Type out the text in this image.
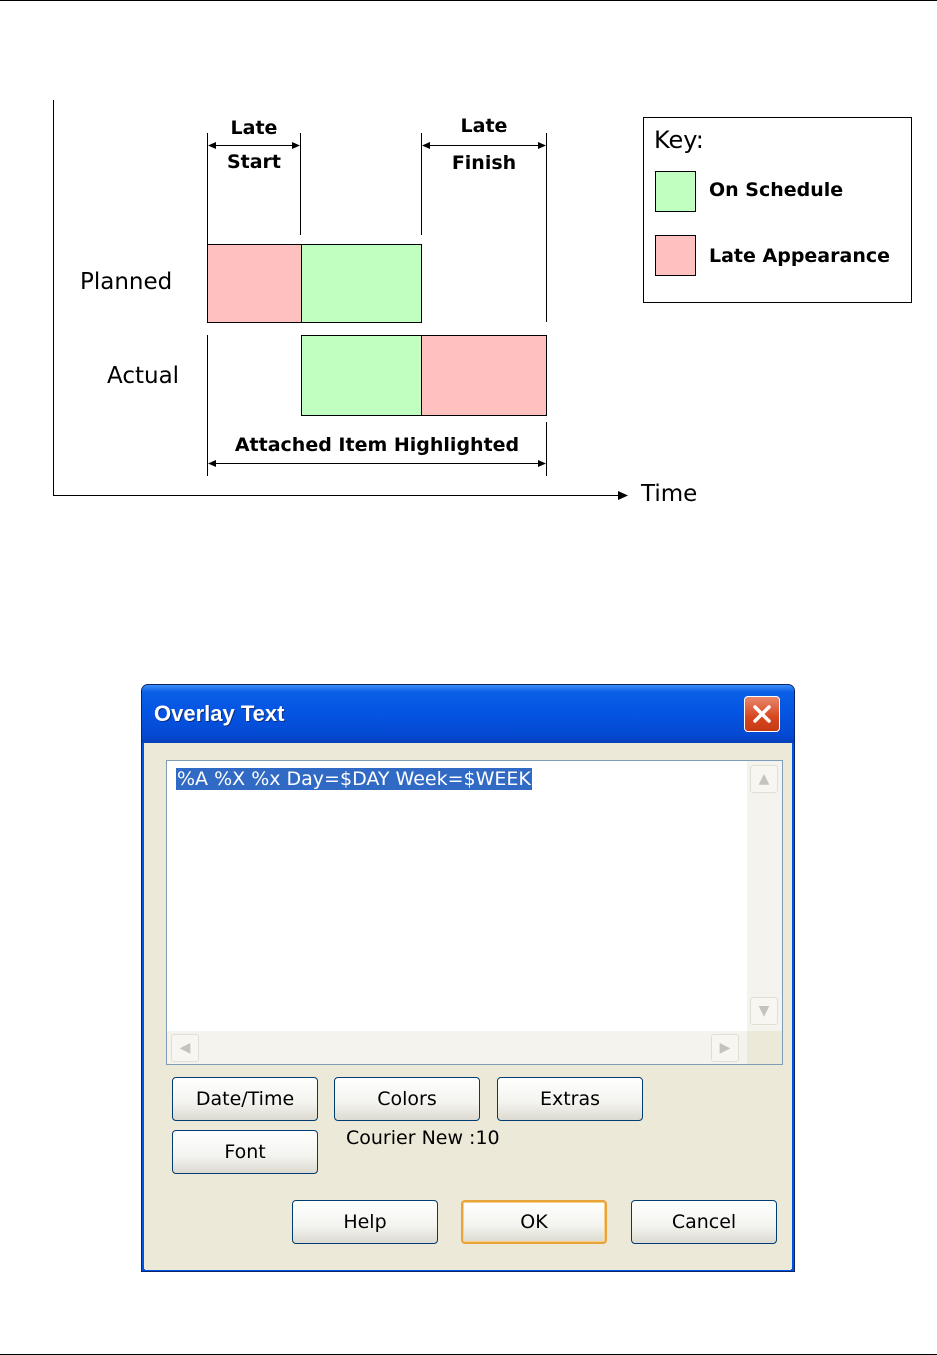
Planned
Actual
Late
Start
Late
Finish
Attached Item Highlighted
Time
Key:
On Schedule
Late Appearance
Overlay Text
%A %X %x Day=$DAY Week=$WEEK	▲
▼
◀	▶
Date/Time	Colors	Extras
Font
Courier New :10
Help	OK	Cancel
